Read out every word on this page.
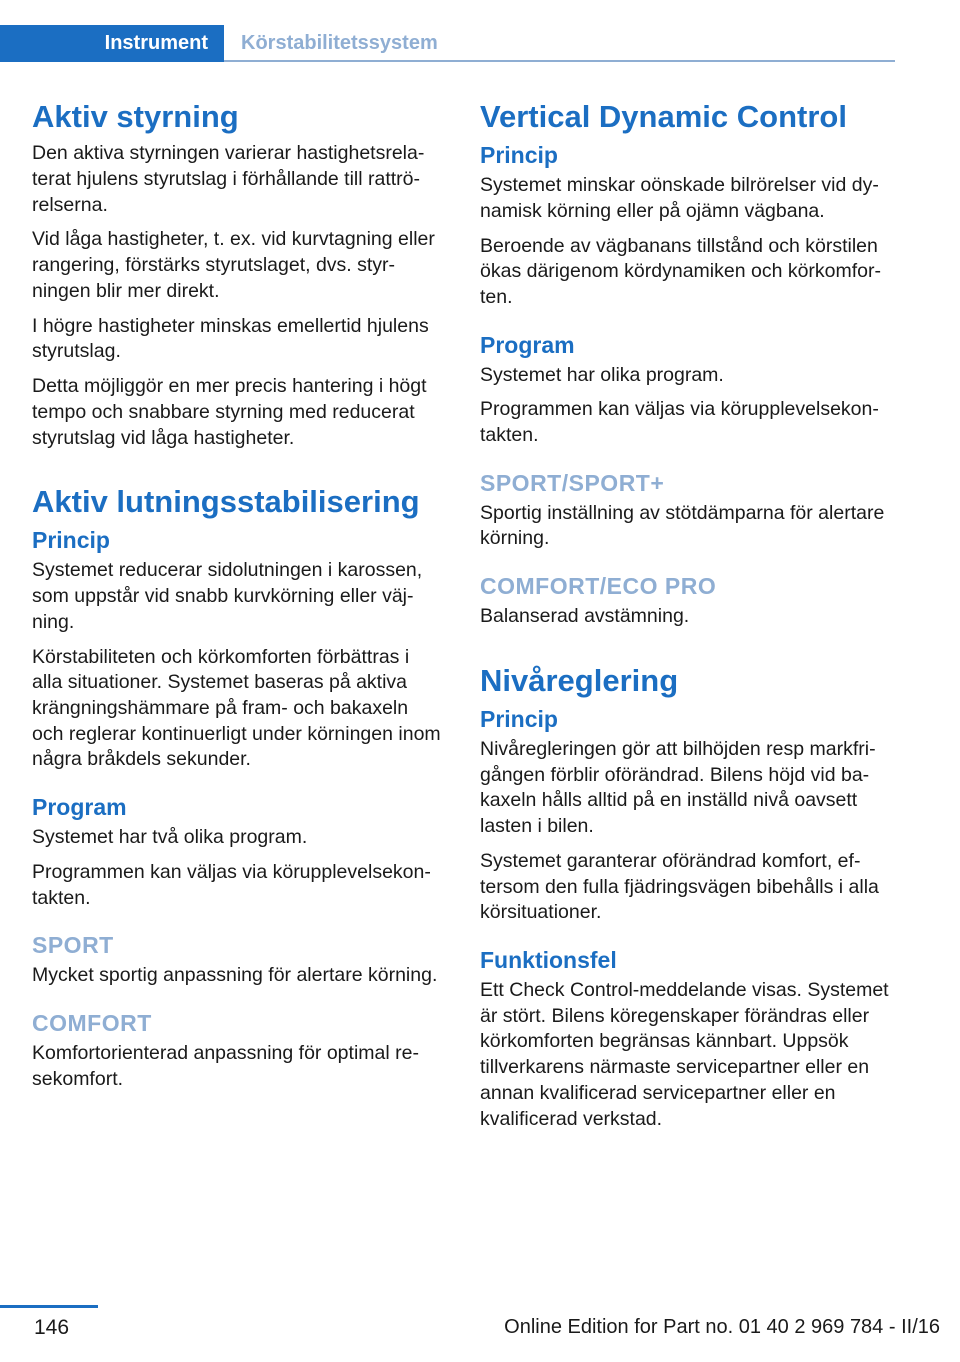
Instrument Körstabilitetssystem
Aktiv styrning

Den aktiva styrningen varierar hastighetsrelaterat hjulens styrutslag i förhållande till rattrörelserna.

Vid låga hastigheter, t. ex. vid kurvtagning eller rangering, förstärks styrutslaget, dvs. styrningen blir mer direkt.

I högre hastigheter minskas emellertid hjulens styrutslag.

Detta möjliggör en mer precis hantering i högt tempo och snabbare styrning med reducerat styrutslag vid låga hastigheter.

Aktiv lutningsstabilisering
Princip

Systemet reducerar sidolutningen i karossen, som uppstår vid snabb kurvkörning eller väjning.

Körstabiliteten och körkomforten förbättras i alla situationer. Systemet baseras på aktiva krängningshämmare på fram- och bakaxeln och reglerar kontinuerligt under körningen inom några bråkdels sekunder.

Program

Systemet har två olika program.

Programmen kan väljas via körupplevelsekontakten.

SPORT

Mycket sportig anpassning för alertare körning.

COMFORT

Komfortorienterad anpassning för optimal resekomfort.

Vertical Dynamic Control
Princip

Systemet minskar oönskade bilrörelser vid dynamisk körning eller på ojämn vägbana.

Beroende av vägbanans tillstånd och körstilen ökas därigenom kördynamiken och körkomforten.

Program

Systemet har olika program.

Programmen kan väljas via körupplevelsekontakten.

SPORT/SPORT+

Sportig inställning av stötdämparna för alertare körning.

COMFORT/ECO PRO

Balanserad avstämning.

Nivåreglering
Princip

Nivåregleringen gör att bilhöjden resp markfrigången förblir oförändrad. Bilens höjd vid bakaxeln hålls alltid på en inställd nivå oavsett lasten i bilen.

Systemet garanterar oförändrad komfort, eftersom den fulla fjädringsvägen bibehålls i alla körsituationer.

Funktionsfel

Ett Check Control-meddelande visas. Systemet är stört. Bilens köregenskaper förändras eller körkomforten begränsas kännbart. Uppsök tillverkarens närmaste servicepartner eller en annan kvalificerad servicepartner eller en kvalificerad verkstad.

146	Online Edition for Part no. 01 40 2 969 784 - II/16
